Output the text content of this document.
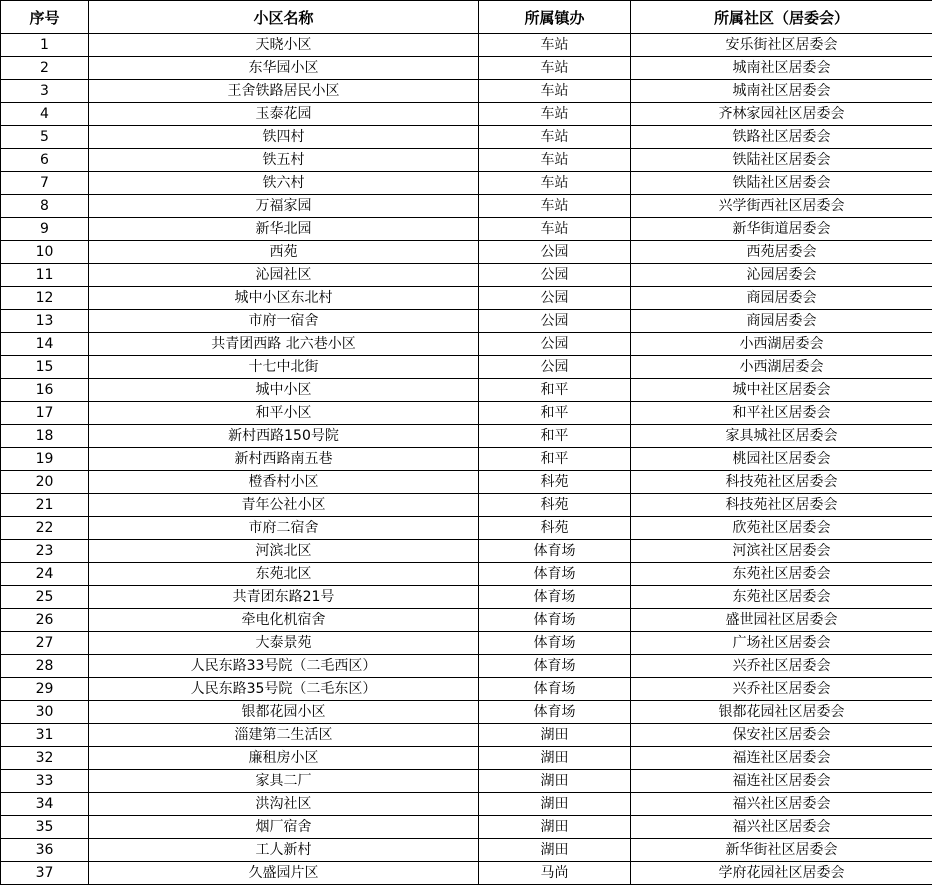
序号	小区名称	所属镇办	所属社区（居委会）
1	天晓小区	车站	安乐街社区居委会
2	东华园小区	车站	城南社区居委会
3	王舍铁路居民小区	车站	城南社区居委会
4	玉泰花园	车站	齐林家园社区居委会
5	铁四村	车站	铁路社区居委会
6	铁五村	车站	铁陆社区居委会
7	铁六村	车站	铁陆社区居委会
8	万福家园	车站	兴学街西社区居委会
9	新华北园	车站	新华街道居委会
10	西苑	公园	西苑居委会
11	沁园社区	公园	沁园居委会
12	城中小区东北村	公园	商园居委会
13	市府一宿舍	公园	商园居委会
14	共青团西路 北六巷小区	公园	小西湖居委会
15	十七中北街	公园	小西湖居委会
16	城中小区	和平	城中社区居委会
17	和平小区	和平	和平社区居委会
18	新村西路150号院	和平	家具城社区居委会
19	新村西路南五巷	和平	桃园社区居委会
20	橙香村小区	科苑	科技苑社区居委会
21	青年公社小区	科苑	科技苑社区居委会
22	市府二宿舍	科苑	欣苑社区居委会
23	河滨北区	体育场	河滨社区居委会
24	东苑北区	体育场	东苑社区居委会
25	共青团东路21号	体育场	东苑社区居委会
26	牵电化机宿舍	体育场	盛世园社区居委会
27	大泰景苑	体育场	广场社区居委会
28	人民东路33号院（二毛西区）	体育场	兴乔社区居委会
29	人民东路35号院（二毛东区）	体育场	兴乔社区居委会
30	银都花园小区	体育场	银都花园社区居委会
31	淄建第二生活区	湖田	保安社区居委会
32	廉租房小区	湖田	福连社区居委会
33	家具二厂	湖田	福连社区居委会
34	洪沟社区	湖田	福兴社区居委会
35	烟厂宿舍	湖田	福兴社区居委会
36	工人新村	湖田	新华街社区居委会
37	久盛园片区	马尚	学府花园社区居委会
